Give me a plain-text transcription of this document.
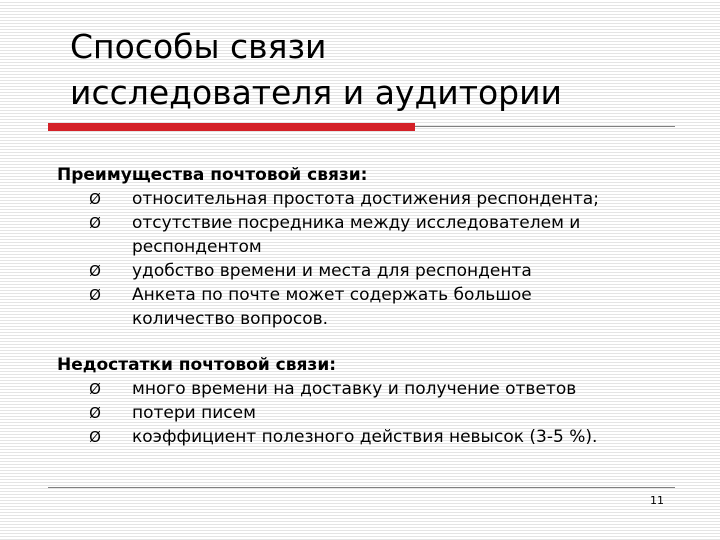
Способы связи
исследователя и аудитории
Преимущества почтовой связи:
Ø относительная простота достижения респондента;
Ø отсутствие посредника между исследователем и
респондентом
Ø удобство времени и места для респондента
Ø Анкета по почте может содержать большое
количество вопросов.
Недостатки почтовой связи:
Ø много времени на доставку и получение ответов
Ø потери писем
Ø коэффициент полезного действия невысок (3-5 %).
11
